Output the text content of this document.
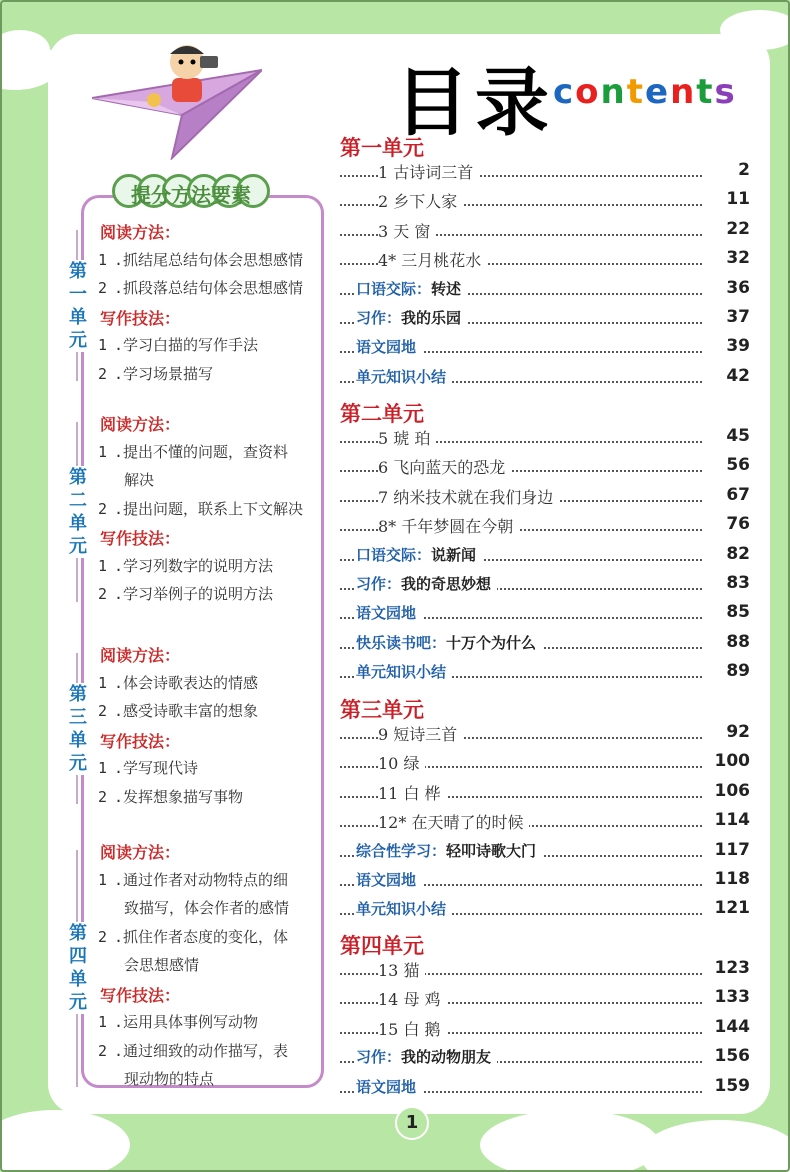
目录
contents
提分方法要素
阅读方法：
1 .抓结尾总结句体会思想感情
2 .抓段落总结句体会思想感情
写作技法：
1 .学习白描的写作手法
2 .学习场景描写
第
一
单
元
阅读方法：
1 .提出不懂的问题，查资料
解决
2 .提出问题，联系上下文解决
写作技法：
1 .学习列数字的说明方法
2 .学习举例子的说明方法
第
二
单
元
阅读方法：
1 .体会诗歌表达的情感
2 .感受诗歌丰富的想象
写作技法：
1 .学写现代诗
2 .发挥想象描写事物
第
三
单
元
阅读方法：
1 .通过作者对动物特点的细
致描写，体会作者的感情
2 .抓住作者态度的变化，体
会思想感情
写作技法：
1 .运用具体事例写动物
2 .通过细致的动作描写，表
现动物的特点
第
四
单
元
第一单元
1 古诗词三首	2
2 乡下人家	11
3 天 窗	22
4* 三月桃花水	32
口语交际：转述	36
习作：我的乐园	37
语文园地	39
单元知识小结	42
第二单元
5 琥 珀	45
6 飞向蓝天的恐龙	56
7 纳米技术就在我们身边	67
8* 千年梦圆在今朝	76
口语交际：说新闻	82
习作：我的奇思妙想	83
语文园地	85
快乐读书吧：十万个为什么	88
单元知识小结	89
第三单元
9 短诗三首	92
10 绿	100
11 白 桦	106
12* 在天晴了的时候	114
综合性学习：轻叩诗歌大门	117
语文园地	118
单元知识小结	121
第四单元
13 猫	123
14 母 鸡	133
15 白 鹅	144
习作：我的动物朋友	156
语文园地	159
1
